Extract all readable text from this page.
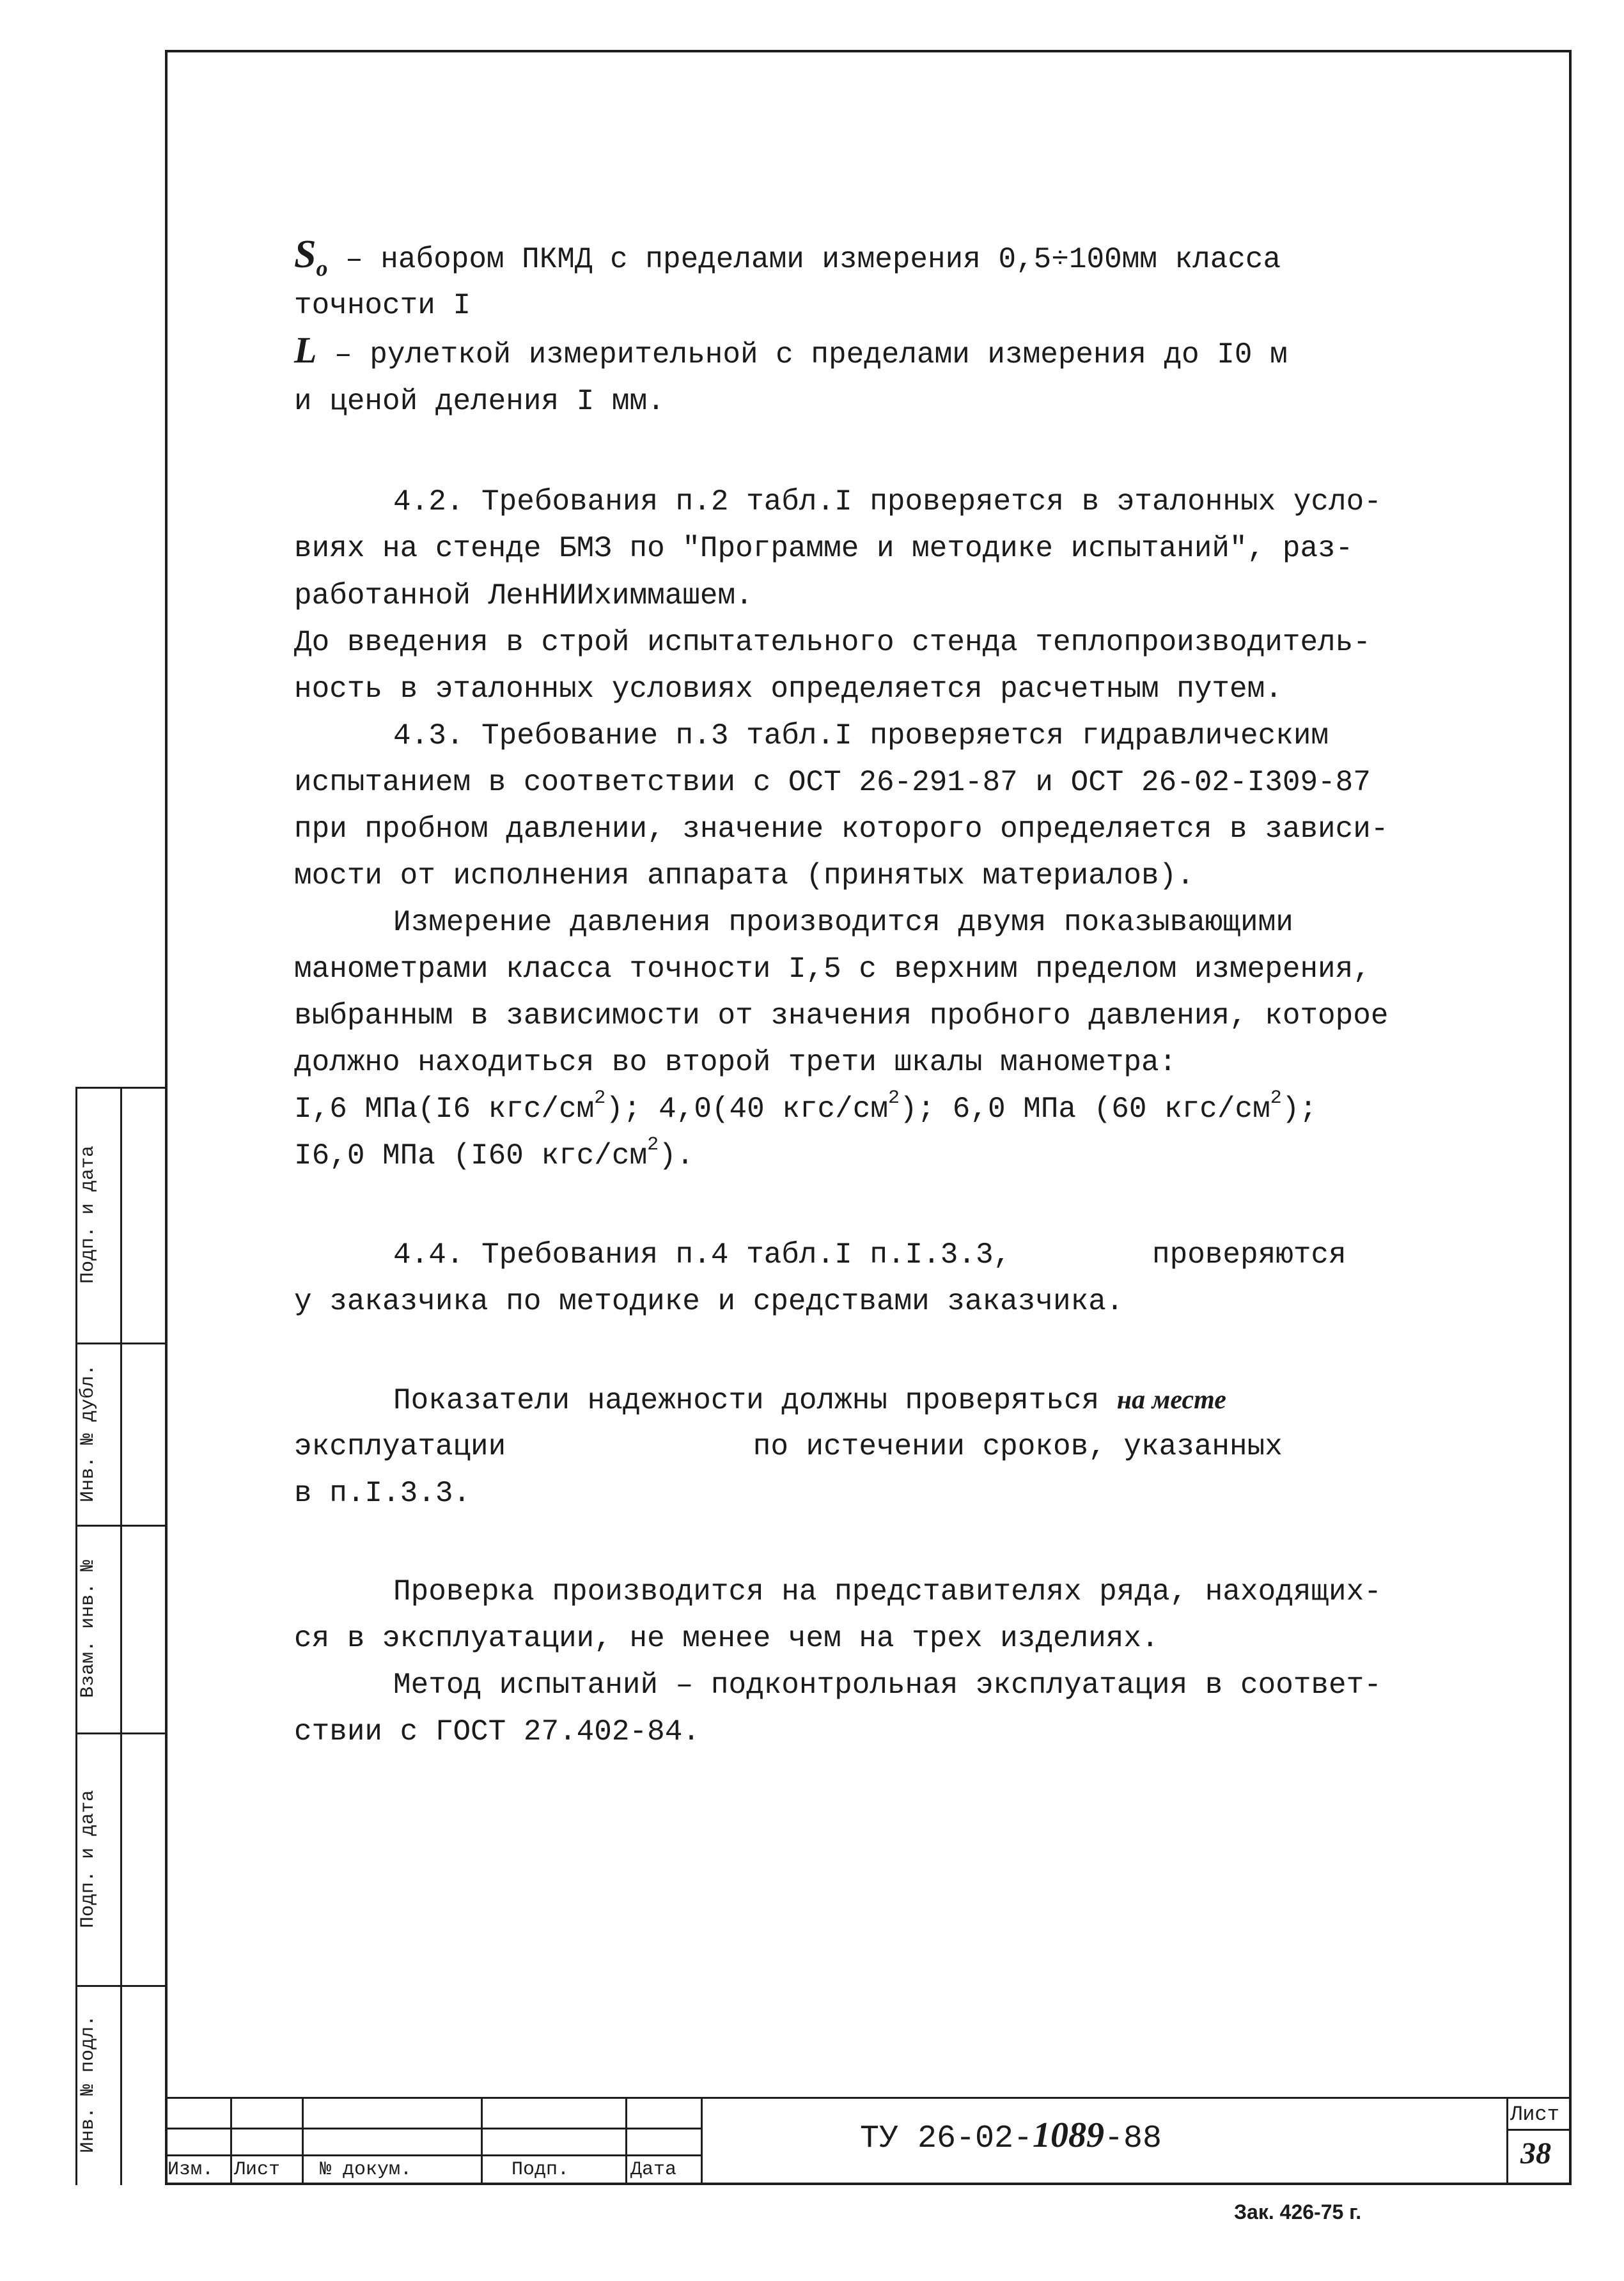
$S_o$ – набором ПКМД с пределами измерения 0,5÷100мм класса
точности I
L – рулеткой измерительной с пределами измерения до I0 м
и ценой деления I мм.
4.2. Требования п.2 табл.I проверяется в эталонных усло-
виях на стенде БМЗ по "Программе и методике испытаний", раз-
работанной ЛенНИИхиммашем.
До введения в строй испытательного стенда теплопроизводитель-
ность в эталонных условиях определяется расчетным путем.
4.3. Требование п.3 табл.I проверяется гидравлическим
испытанием в соответствии с ОСТ 26-291-87 и ОСТ 26-02-I309-87
при пробном давлении, значение которого определяется в зависи-
мости от исполнения аппарата (принятых материалов).
Измерение давления производится двумя показывающими
манометрами класса точности I,5 с верхним пределом измерения,
выбранным в зависимости от значения пробного давления, которое
должно находиться во второй трети шкалы манометра:
I,6 МПа(I6 кгс/$см^2$); 4,0(40 кгс/$см^2$); 6,0 МПа (60 кгс/$см^2$);
I6,0 МПа (I60 кгс/$см^2$).
4.4. Требования п.4 табл.I п.I.3.3,        проверяются
у заказчика по методике и средствами заказчика.
Показатели надежности должны проверяться на месте
эксплуатации              по истечении сроков, указанных
в п.I.3.3.
Проверка производится на представителях ряда, находящих-
ся в эксплуатации, не менее чем на трех изделиях.
Метод испытаний – подконтрольная эксплуатация в соответ-
ствии с ГОСТ 27.402-84.
Инв. № подл.
Подп. и дата
Взам. инв. №
Инв. № дубл.
Подп. и дата
Изм. Лист № докум.	Подп.	Дата
ТУ 26-02-1089-88
Лист
38
Зак. 426-75 г.
